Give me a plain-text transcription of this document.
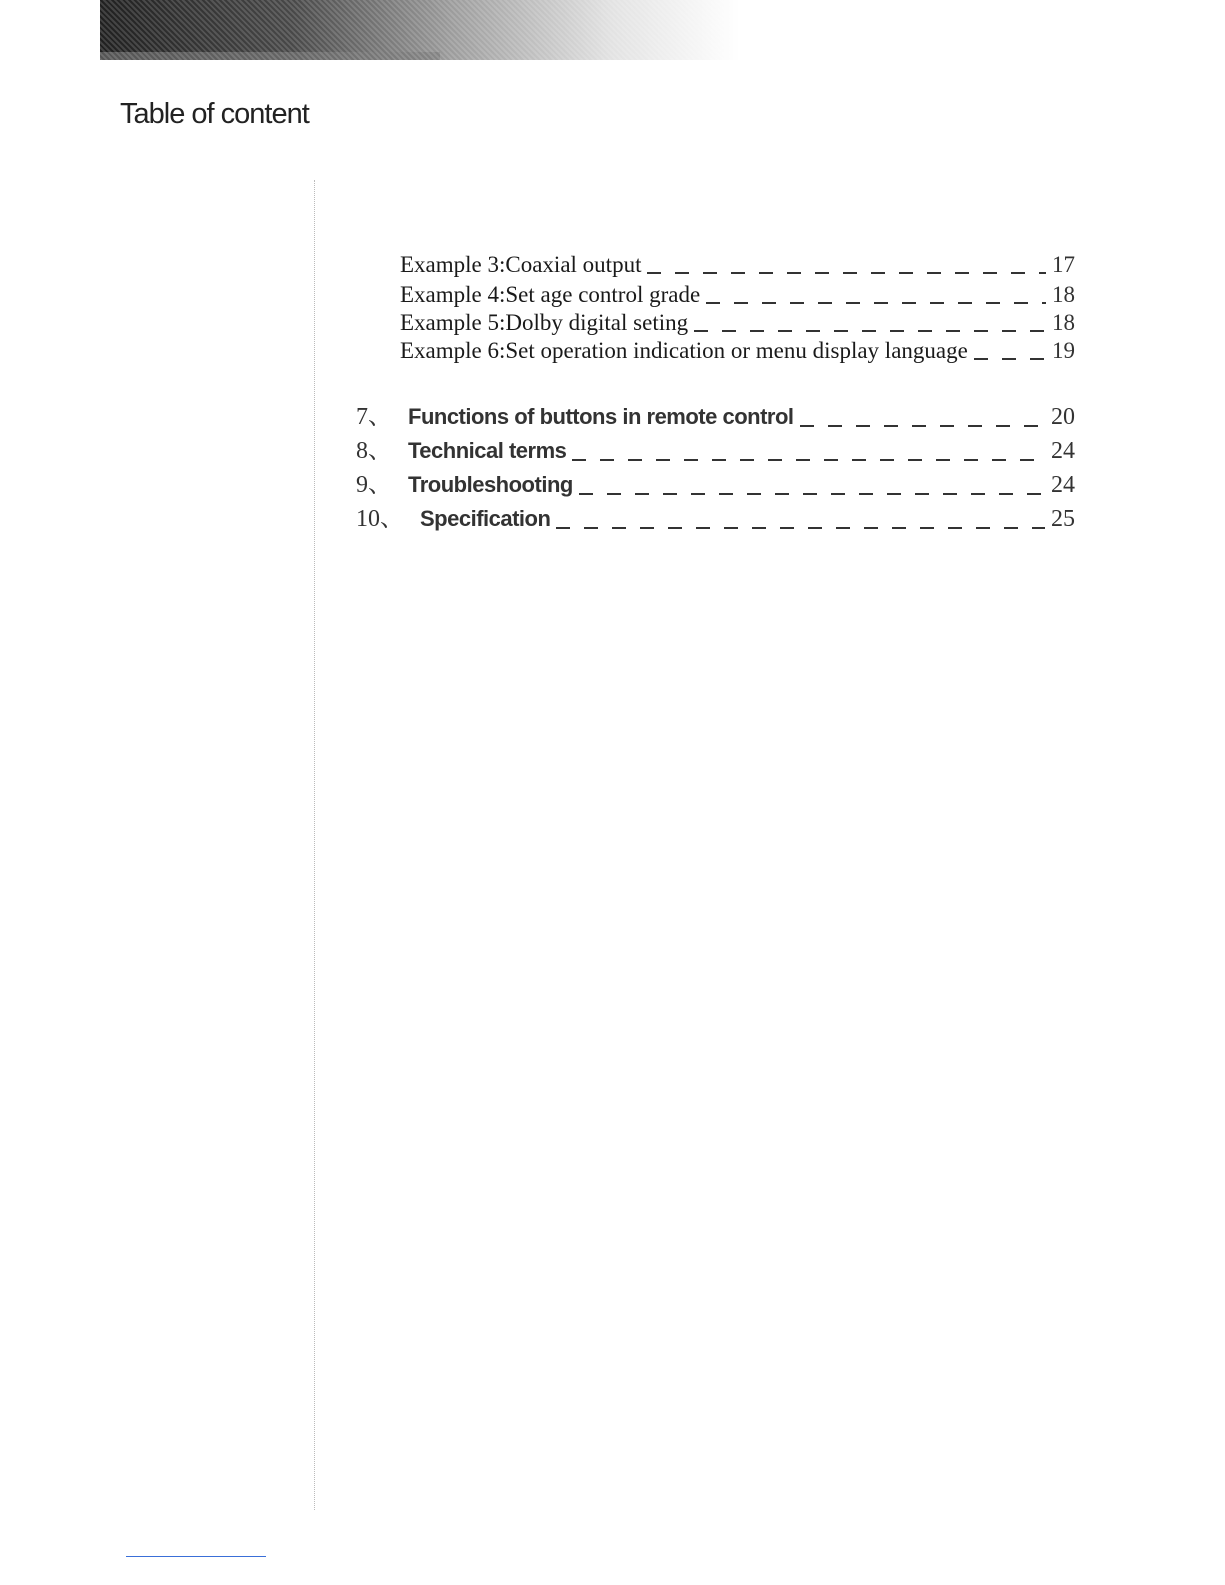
Table of content
Example 3:Coaxial output	17
Example 4:Set age control grade	18
Example 5:Dolby digital seting	18
Example 6:Set operation indication or menu display language	19
7、 Functions of buttons in remote control	20
8、 Technical terms	24
9、 Troubleshooting	24
10、 Specification	25
